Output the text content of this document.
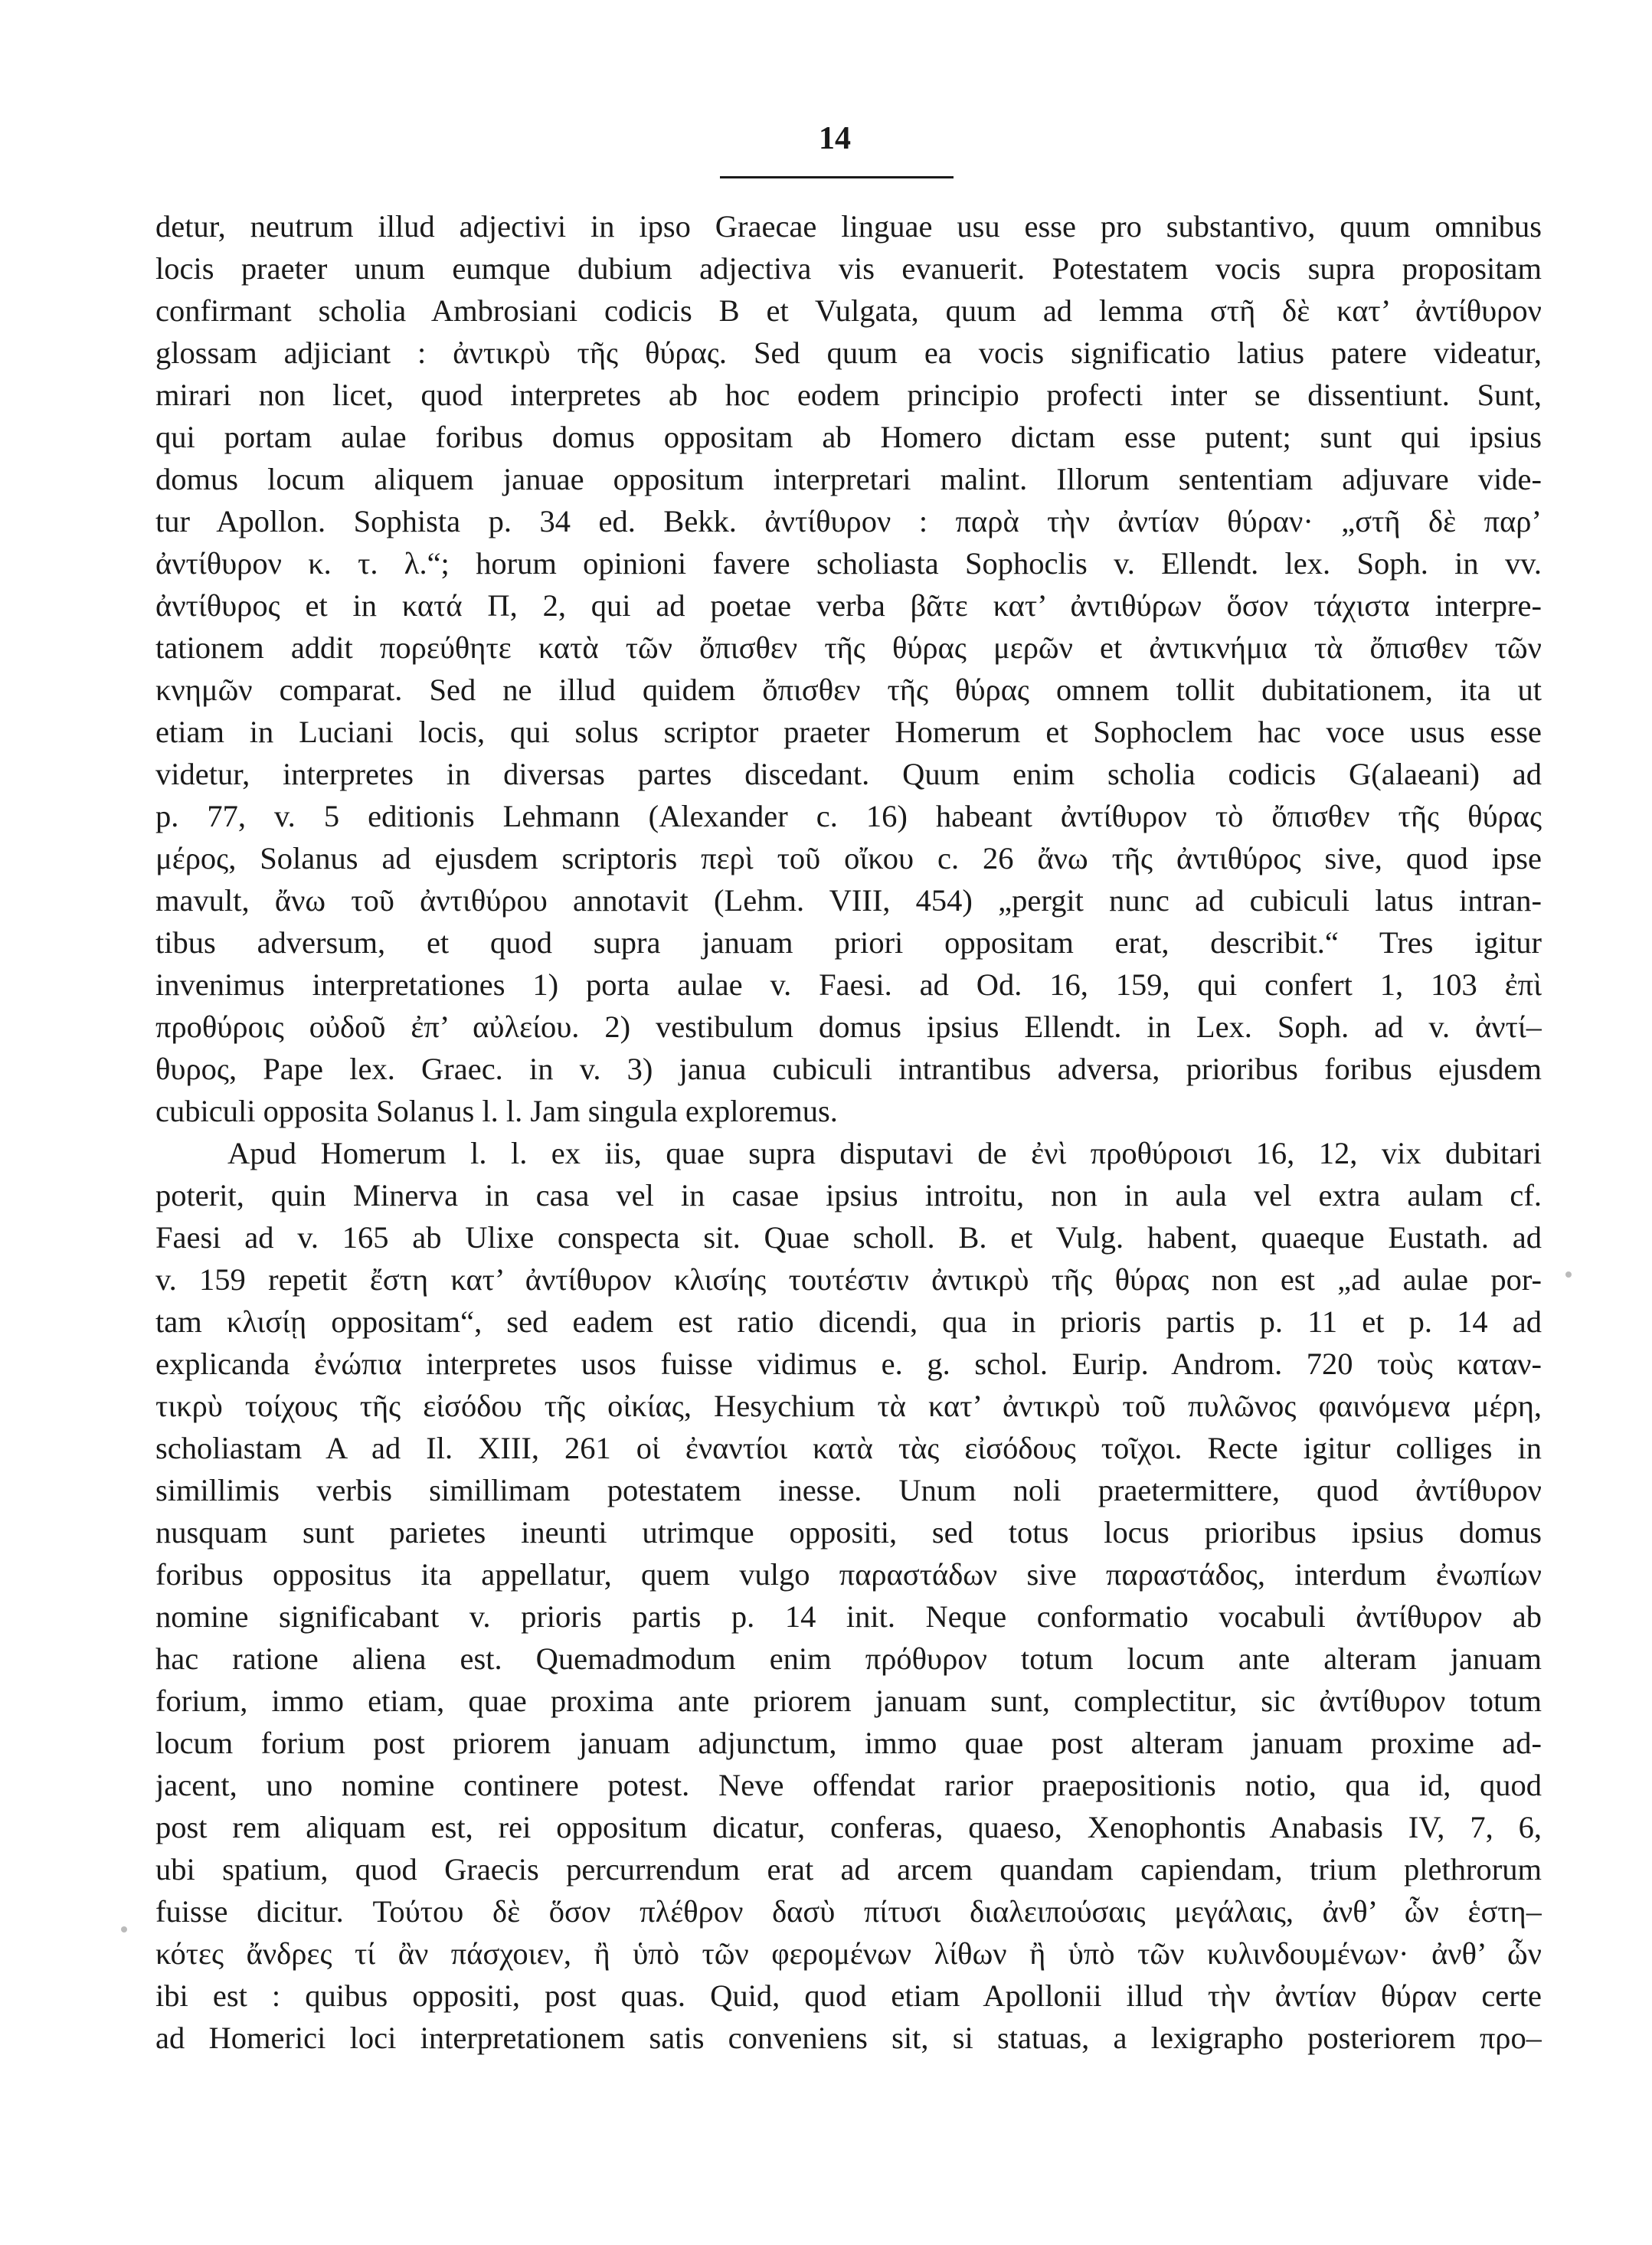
14
detur, neutrum illud adjectivi in ipso Graecae linguae usu esse pro substantivo, quum omnibus
locis praeter unum eumque dubium adjectiva vis evanuerit. Potestatem vocis supra propositam
confirmant scholia Ambrosiani codicis B et Vulgata, quum ad lemma στῆ δὲ κατ’ ἀντίθυρον
glossam adjiciant : ἀντικρὺ τῆς θύρας. Sed quum ea vocis significatio latius patere videatur,
mirari non licet, quod interpretes ab hoc eodem principio profecti inter se dissentiunt. Sunt,
qui portam aulae foribus domus oppositam ab Homero dictam esse putent; sunt qui ipsius
domus locum aliquem januae oppositum interpretari malint. Illorum sententiam adjuvare vide-
tur Apollon. Sophista p. 34 ed. Bekk. ἀντίθυρον : παρὰ τὴν ἀντίαν θύραν· „στῆ δὲ παρ’
ἀντίθυρον κ. τ. λ.“; horum opinioni favere scholiasta Sophoclis v. Ellendt. lex. Soph. in vv.
ἀντίθυρος et in κατά Π, 2, qui ad poetae verba βᾶτε κατ’ ἀντιθύρων ὅσον τάχιστα interpre-
tationem addit πορεύθητε κατὰ τῶν ὄπισθεν τῆς θύρας μερῶν et ἀντικνήμια τὰ ὄπισθεν τῶν
κνημῶν comparat. Sed ne illud quidem ὄπισθεν τῆς θύρας omnem tollit dubitationem, ita ut
etiam in Luciani locis, qui solus scriptor praeter Homerum et Sophoclem hac voce usus esse
videtur, interpretes in diversas partes discedant. Quum enim scholia codicis G(alaeani) ad
p. 77, v. 5 editionis Lehmann (Alexander c. 16) habeant ἀντίθυρον τὸ ὄπισθεν τῆς θύρας
μέρος, Solanus ad ejusdem scriptoris περὶ τοῦ οἴκου c. 26 ἄνω τῆς ἀντιθύρος sive, quod ipse
mavult, ἄνω τοῦ ἀντιθύρου annotavit (Lehm. VIII, 454) „pergit nunc ad cubiculi latus intran-
tibus adversum, et quod supra januam priori oppositam erat, describit.“ Tres igitur
invenimus interpretationes 1) porta aulae v. Faesi. ad Od. 16, 159, qui confert 1, 103 ἐπὶ
προθύροις οὐδοῦ ἐπ’ αὐλείου. 2) vestibulum domus ipsius Ellendt. in Lex. Soph. ad v. ἀντί–
θυρος, Pape lex. Graec. in v. 3) janua cubiculi intrantibus adversa, prioribus foribus ejusdem
cubiculi opposita Solanus l. l. Jam singula exploremus.
Apud Homerum l. l. ex iis, quae supra disputavi de ἐνὶ προθύροισι 16, 12, vix dubitari
poterit, quin Minerva in casa vel in casae ipsius introitu, non in aula vel extra aulam cf.
Faesi ad v. 165 ab Ulixe conspecta sit. Quae scholl. B. et Vulg. habent, quaeque Eustath. ad
v. 159 repetit ἔστη κατ’ ἀντίθυρον κλισίης τουτέστιν ἀντικρὺ τῆς θύρας non est „ad aulae por-
tam κλισίῃ oppositam“, sed eadem est ratio dicendi, qua in prioris partis p. 11 et p. 14 ad
explicanda ἐνώπια interpretes usos fuisse vidimus e. g. schol. Eurip. Androm. 720 τοὺς καταν-
τικρὺ τοίχους τῆς εἰσόδου τῆς οἰκίας, Hesychium τὰ κατ’ ἀντικρὺ τοῦ πυλῶνος φαινόμενα μέρη,
scholiastam A ad Il. XIII, 261 οἱ ἐναντίοι κατὰ τὰς εἰσόδους τοῖχοι. Recte igitur colliges in
simillimis verbis simillimam potestatem inesse. Unum noli praetermittere, quod ἀντίθυρον
nusquam sunt parietes ineunti utrimque oppositi, sed totus locus prioribus ipsius domus
foribus oppositus ita appellatur, quem vulgo παραστάδων sive παραστάδος, interdum ἐνωπίων
nomine significabant v. prioris partis p. 14 init. Neque conformatio vocabuli ἀντίθυρον ab
hac ratione aliena est. Quemadmodum enim πρόθυρον totum locum ante alteram januam
forium, immo etiam, quae proxima ante priorem januam sunt, complectitur, sic ἀντίθυρον totum
locum forium post priorem januam adjunctum, immo quae post alteram januam proxime ad-
jacent, uno nomine continere potest. Neve offendat rarior praepositionis notio, qua id, quod
post rem aliquam est, rei oppositum dicatur, conferas, quaeso, Xenophontis Anabasis IV, 7, 6,
ubi spatium, quod Graecis percurrendum erat ad arcem quandam capiendam, trium plethrorum
fuisse dicitur. Τούτου δὲ ὅσον πλέθρον δασὺ πίτυσι διαλειπούσαις μεγάλαις, ἀνθ’ ὧν ἑστη–
κότες ἄνδρες τί ἂν πάσχοιεν, ἢ ὑπὸ τῶν φερομένων λίθων ἢ ὑπὸ τῶν κυλινδουμένων· ἀνθ’ ὧν
ibi est : quibus oppositi, post quas. Quid, quod etiam Apollonii illud τὴν ἀντίαν θύραν certe
ad Homerici loci interpretationem satis conveniens sit, si statuas, a lexigrapho posteriorem προ–
